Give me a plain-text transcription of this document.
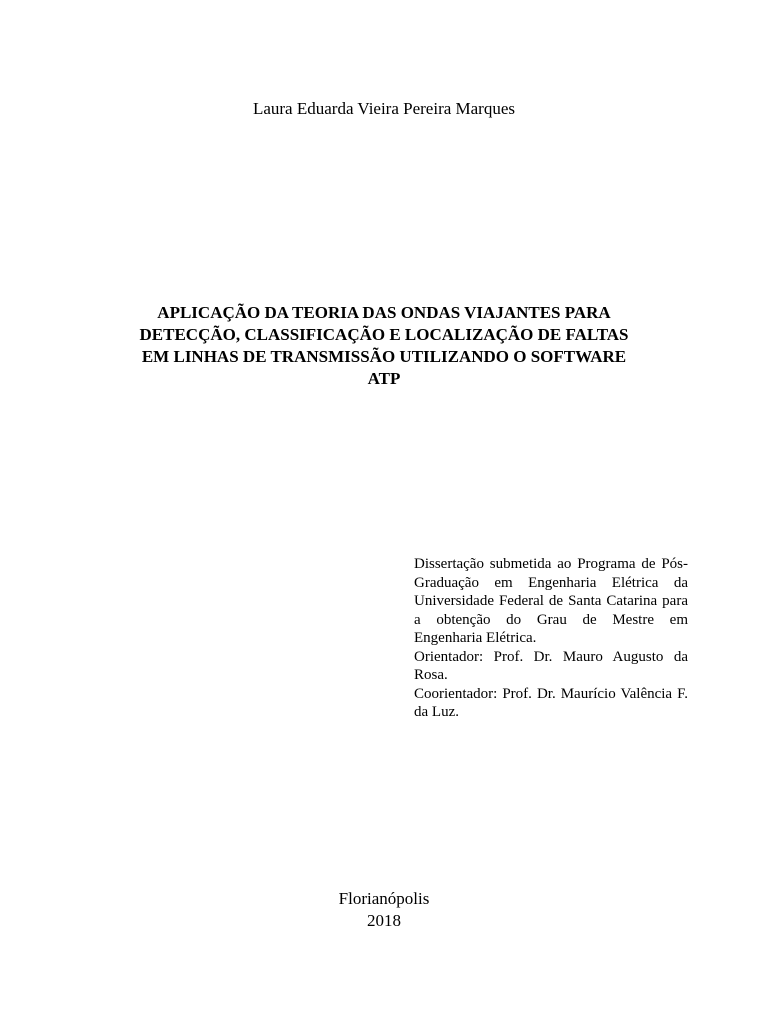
Laura Eduarda Vieira Pereira Marques
APLICAÇÃO DA TEORIA DAS ONDAS VIAJANTES PARA
DETECÇÃO, CLASSIFICAÇÃO E LOCALIZAÇÃO DE FALTAS
EM LINHAS DE TRANSMISSÃO UTILIZANDO O SOFTWARE
ATP

Dissertação submetida ao Programa de Pós-Graduação em Engenharia Elétrica da Universidade Federal de Santa Catarina para a obtenção do Grau de Mestre em Engenharia Elétrica.

Orientador: Prof. Dr. Mauro Augusto da Rosa.

Coorientador: Prof. Dr. Maurício Valência F. da Luz.

Florianópolis
2018
